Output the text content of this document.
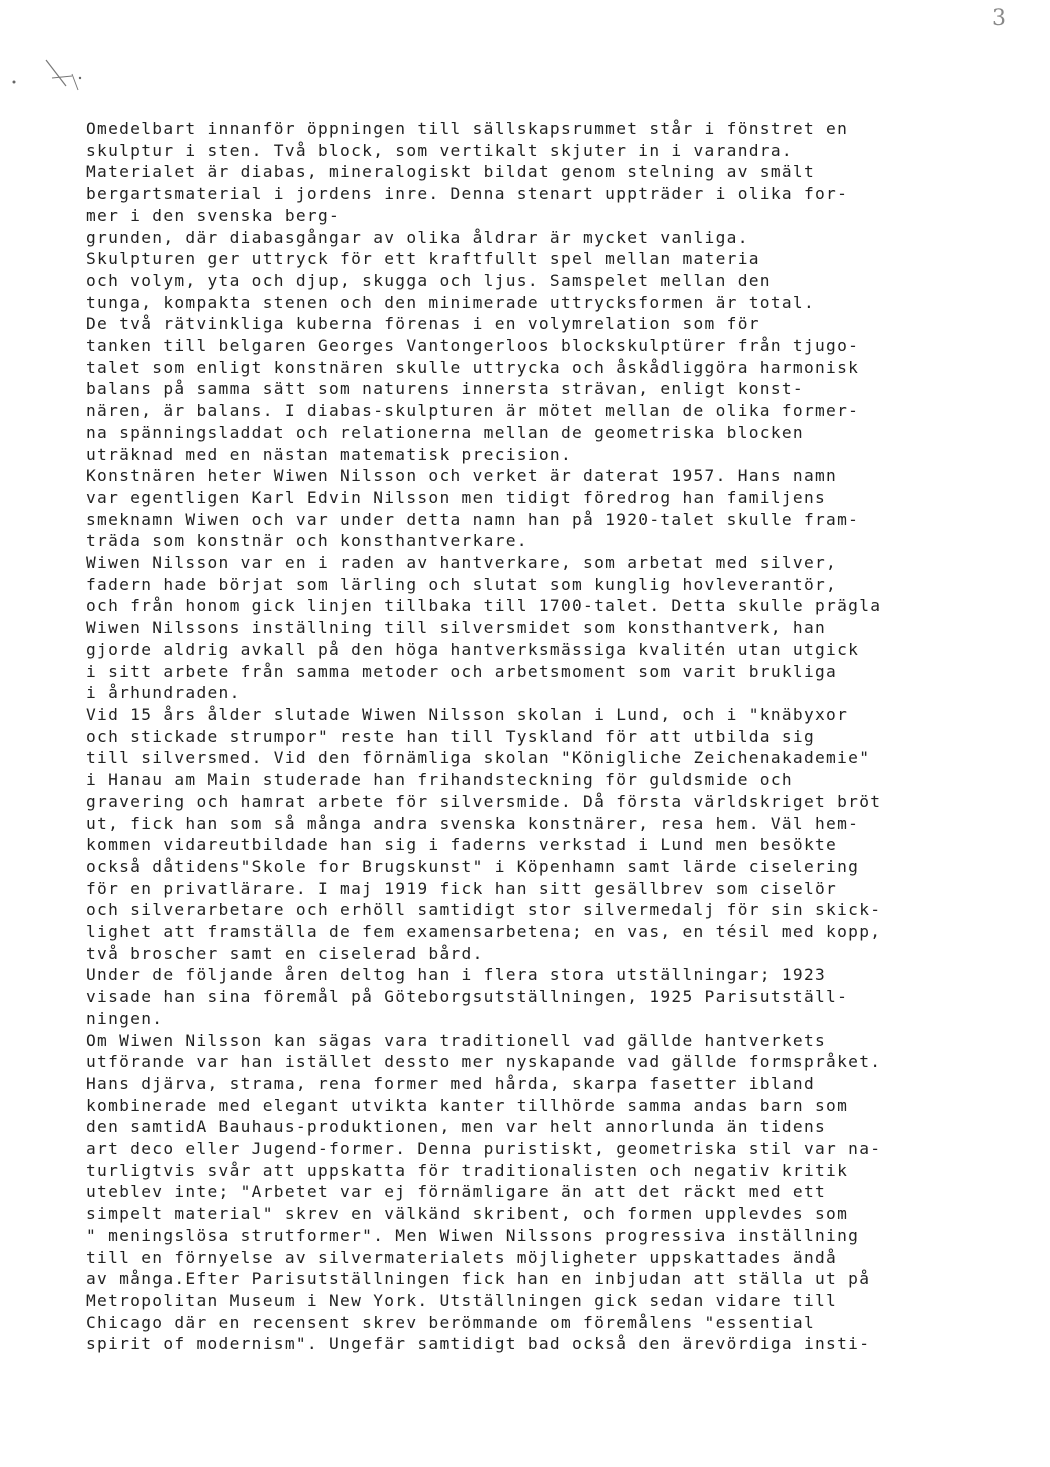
3
Omedelbart innanför öppningen till sällskapsrummet står i fönstret en
skulptur i sten. Två block, som vertikalt skjuter in i varandra.
Materialet är diabas, mineralogiskt bildat genom stelning av smält
bergartsmaterial i jordens inre. Denna stenart uppträder i olika for-
mer i den svenska berg-
grunden, där diabasgångar av olika åldrar är mycket vanliga.
Skulpturen ger uttryck för ett kraftfullt spel mellan materia
och volym, yta och djup, skugga och ljus. Samspelet mellan den
tunga, kompakta stenen och den minimerade uttrycksformen är total.
De två rätvinkliga kuberna förenas i en volymrelation som för
tanken till belgaren Georges Vantongerloos blockskulptürer från tjugo-
talet som enligt konstnären skulle uttrycka och åskådliggöra harmonisk
balans på samma sätt som naturens innersta strävan, enligt konst-
nären, är balans. I diabas-skulpturen är mötet mellan de olika former-
na spänningsladdat och relationerna mellan de geometriska blocken
uträknad med en nästan matematisk precision.
Konstnären heter Wiwen Nilsson och verket är daterat 1957. Hans namn
var egentligen Karl Edvin Nilsson men tidigt föredrog han familjens
smeknamn Wiwen och var under detta namn han på 1920-talet skulle fram-
träda som konstnär och konsthantverkare.
Wiwen Nilsson var en i raden av hantverkare, som arbetat med silver,
fadern hade börjat som lärling och slutat som kunglig hovleverantör,
och från honom gick linjen tillbaka till 1700-talet. Detta skulle prägla
Wiwen Nilssons inställning till silversmidet som konsthantverk, han
gjorde aldrig avkall på den höga hantverksmässiga kvalitén utan utgick
i sitt arbete från samma metoder och arbetsmoment som varit brukliga
i århundraden.
Vid 15 års ålder slutade Wiwen Nilsson skolan i Lund, och i "knäbyxor
och stickade strumpor" reste han till Tyskland för att utbilda sig
till silversmed. Vid den förnämliga skolan "Königliche Zeichenakademie"
i Hanau am Main studerade han frihandsteckning för guldsmide och
gravering och hamrat arbete för silversmide. Då första världskriget bröt
ut, fick han som så många andra svenska konstnärer, resa hem. Väl hem-
kommen vidareutbildade han sig i faderns verkstad i Lund men besökte
också dåtidens"Skole for Brugskunst" i Köpenhamn samt lärde ciselering
för en privatlärare. I maj 1919 fick han sitt gesällbrev som ciselör
och silverarbetare och erhöll samtidigt stor silvermedalj för sin skick-
lighet att framställa de fem examensarbetena; en vas, en tésil med kopp,
två broscher samt en ciselerad bård.
Under de följande åren deltog han i flera stora utställningar; 1923
visade han sina föremål på Göteborgsutställningen, 1925 Parisutställ-
ningen.
Om Wiwen Nilsson kan sägas vara traditionell vad gällde hantverkets
utförande var han istället dessto mer nyskapande vad gällde formspråket.
Hans djärva, strama, rena former med hårda, skarpa fasetter ibland
kombinerade med elegant utvikta kanter tillhörde samma andas barn som
den samtidA Bauhaus-produktionen, men var helt annorlunda än tidens
art deco eller Jugend-former. Denna puristiskt, geometriska stil var na-
turligtvis svår att uppskatta för traditionalisten och negativ kritik
uteblev inte; "Arbetet var ej förnämligare än att det räckt med ett
simpelt material" skrev en välkänd skribent, och formen upplevdes som
" meningslösa strutformer". Men Wiwen Nilssons progressiva inställning
till en förnyelse av silvermaterialets möjligheter uppskattades ändå
av många.Efter Parisutställningen fick han en inbjudan att ställa ut på
Metropolitan Museum i New York. Utställningen gick sedan vidare till
Chicago där en recensent skrev berömmande om föremålens "essential
spirit of modernism". Ungefär samtidigt bad också den ärevördiga insti-
